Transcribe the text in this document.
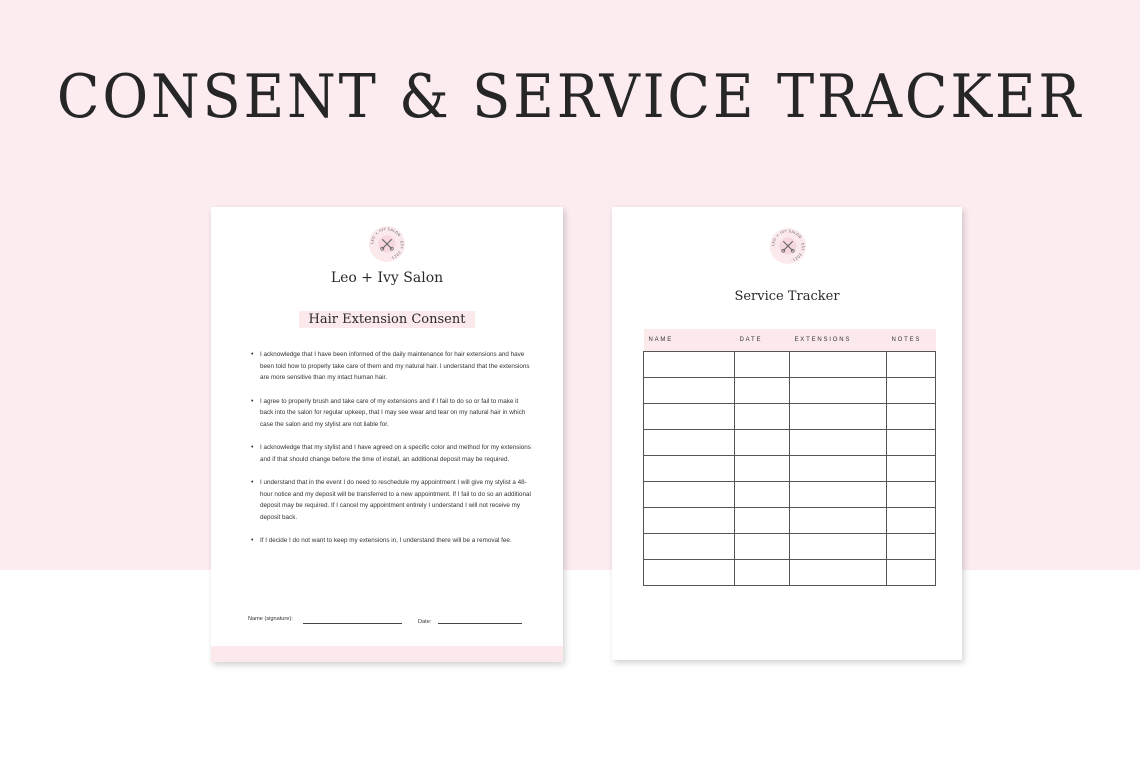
CONSENT & SERVICE TRACKER
LEO + IVY SALON · EST. 2021 ·
Leo + Ivy Salon
Hair Extension Consent
• I acknowledge that I have been informed of the daily maintenance for hair extensions and have been told how to properly take care of them and my natural hair. I understand that the extensions are more sensitive than my intact human hair.
• I agree to properly brush and take care of my extensions and if I fail to do so or fail to make it back into the salon for regular upkeep, that I may see wear and tear on my natural hair in which case the salon and my stylist are not liable for.
• I acknowledge that my stylist and I have agreed on a specific color and method for my extensions and if that should change before the time of install, an additional deposit may be required.
• I understand that in the event I do need to reschedule my appointment I will give my stylist a 48-hour notice and my deposit will be transferred to a new appointment. If I fail to do so an additional deposit may be required. If I cancel my appointment entirely I understand I will not receive my deposit back.
• If I decide I do not want to keep my extensions in, I understand there will be a removal fee.
Name (signature):	Date:
LEO + IVY SALON · EST. 2021 ·
Service Tracker
NAME	DATE	EXTENSIONS	NOTES
